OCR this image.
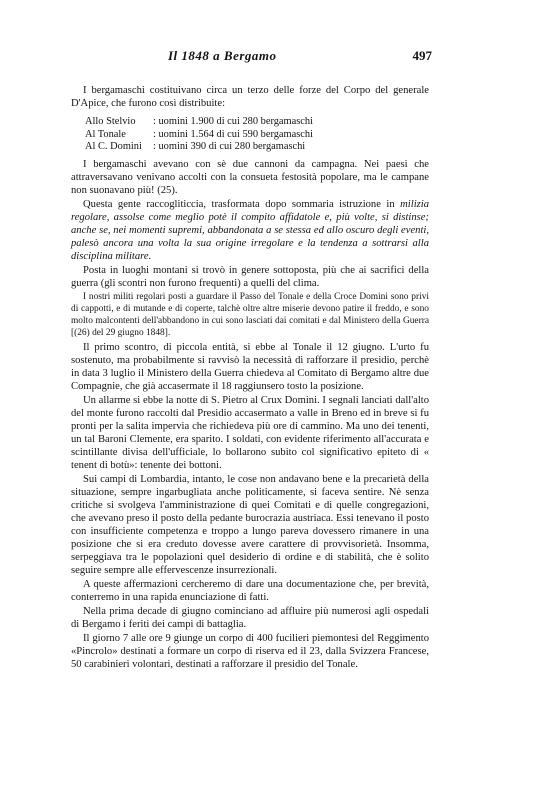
Il 1848 a Bergamo	497

I bergamaschi costituivano circa un terzo delle forze del Corpo del generale D'Apice, che furono così distribuite:

Allo Stelvio	: uomini 1.900 di cui 280 bergamaschi
Al Tonale	: uomini 1.564 di cui 590 bergamaschi
Al C. Domini	: uomini 390 di cui 280 bergamaschi

I bergamaschi avevano con sè due cannoni da campagna. Nei paesi che attraversavano venivano accolti con la consueta festosità popolare, ma le campane non suonavano più! (25).

Questa gente raccogliticcia, trasformata dopo sommaria istruzione in milizia regolare, assolse come meglio potè il compito affidatole e, più volte, si distinse; anche se, nei momenti supremi, abbandonata a se stessa ed allo oscuro degli eventi, palesò ancora una volta la sua origine irregolare e la tendenza a sottrarsi alla disciplina militare.

Posta in luoghi montani si trovò in genere sottoposta, più che ai sacrifici della guerra (gli scontri non furono frequenti) a quelli del clima.

I nostri militi regolari posti a guardare il Passo del Tonale e della Croce Domini sono privi di cappotti, e di mutande e di coperte, talchè oltre altre miserie devono patire il freddo, e sono molto malcontenti dell'abbandono in cui sono lasciati dai comitati e dal Ministero della Guerra [(26) del 29 giugno 1848].

Il primo scontro, di piccola entità, si ebbe al Tonale il 12 giugno. L'urto fu sostenuto, ma probabilmente si ravvisò la necessità di rafforzare il presidio, perchè in data 3 luglio il Ministero della Guerra chiedeva al Comitato di Bergamo altre due Compagnie, che già accasermate il 18 raggiunsero tosto la posizione.

Un allarme si ebbe la notte di S. Pietro al Crux Domini. I segnali lanciati dall'alto del monte furono raccolti dal Presidio accasermato a valle in Breno ed in breve si fu pronti per la salita impervia che richiedeva più ore di cammino. Ma uno dei tenenti, un tal Baroni Clemente, era sparito. I soldati, con evidente riferimento all'accurata e scintillante divisa dell'ufficiale, lo bollarono subito col significativo epiteto di « tenent di botù»: tenente dei bottoni.

Sui campi di Lombardia, intanto, le cose non andavano bene e la precarietà della situazione, sempre ingarbugliata anche politicamente, si faceva sentire. Nè senza critiche si svolgeva l'amministrazione di quei Comitati e di quelle congregazioni, che avevano preso il posto della pedante burocrazia austriaca. Essi tenevano il posto con insufficiente competenza e troppo a lungo pareva dovessero rimanere in una posizione che si era creduto dovesse avere carattere di provvisorietà. Insomma, serpeggiava tra le popolazioni quel desiderio di ordine e di stabilità, che è solito seguire sempre alle effervescenze insurrezionali.

A queste affermazioni cercheremo di dare una documentazione che, per brevità, conterremo in una rapida enunciazione di fatti.

Nella prima decade di giugno cominciano ad affluire più numerosi agli ospedali di Bergamo i feriti dei campi di battaglia.

Il giorno 7 alle ore 9 giunge un corpo di 400 fucilieri piemontesi del Reggimento «Pincrolo» destinati a formare un corpo di riserva ed il 23, dalla Svizzera Francese, 50 carabinieri volontari, destinati a rafforzare il presidio del Tonale.
